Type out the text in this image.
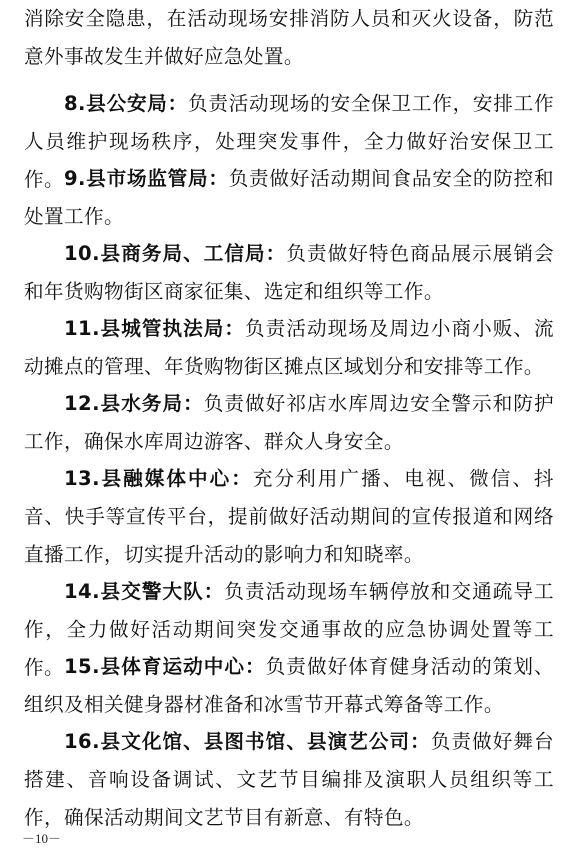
消除安全隐患，在活动现场安排消防人员和灭火设备，防范意外事故发生并做好应急处置。

8.县公安局：负责活动现场的安全保卫工作，安排工作人员维护现场秩序，处理突发事件，全力做好治安保卫工作。 9.县市场监管局：负责做好活动期间食品安全的防控和处置工作。

10.县商务局、工信局：负责做好特色商品展示展销会和年货购物街区商家征集、选定和组织等工作。

11.县城管执法局：负责活动现场及周边小商小贩、流动摊点的管理、年货购物街区摊点区域划分和安排等工作。

12.县水务局：负责做好祁店水库周边安全警示和防护工作，确保水库周边游客、群众人身安全。

13.县融媒体中心：充分利用广播、电视、微信、抖音、快手等宣传平台，提前做好活动期间的宣传报道和网络直播工作，切实提升活动的影响力和知晓率。

14.县交警大队：负责活动现场车辆停放和交通疏导工作，全力做好活动期间突发交通事故的应急协调处置等工作。 15.县体育运动中心：负责做好体育健身活动的策划、组织及相关健身器材准备和冰雪节开幕式筹备等工作。

16.县文化馆、县图书馆、县演艺公司：负责做好舞台搭建、音响设备调试、文艺节目编排及演职人员组织等工作，确保活动期间文艺节目有新意、有特色。

－10－
